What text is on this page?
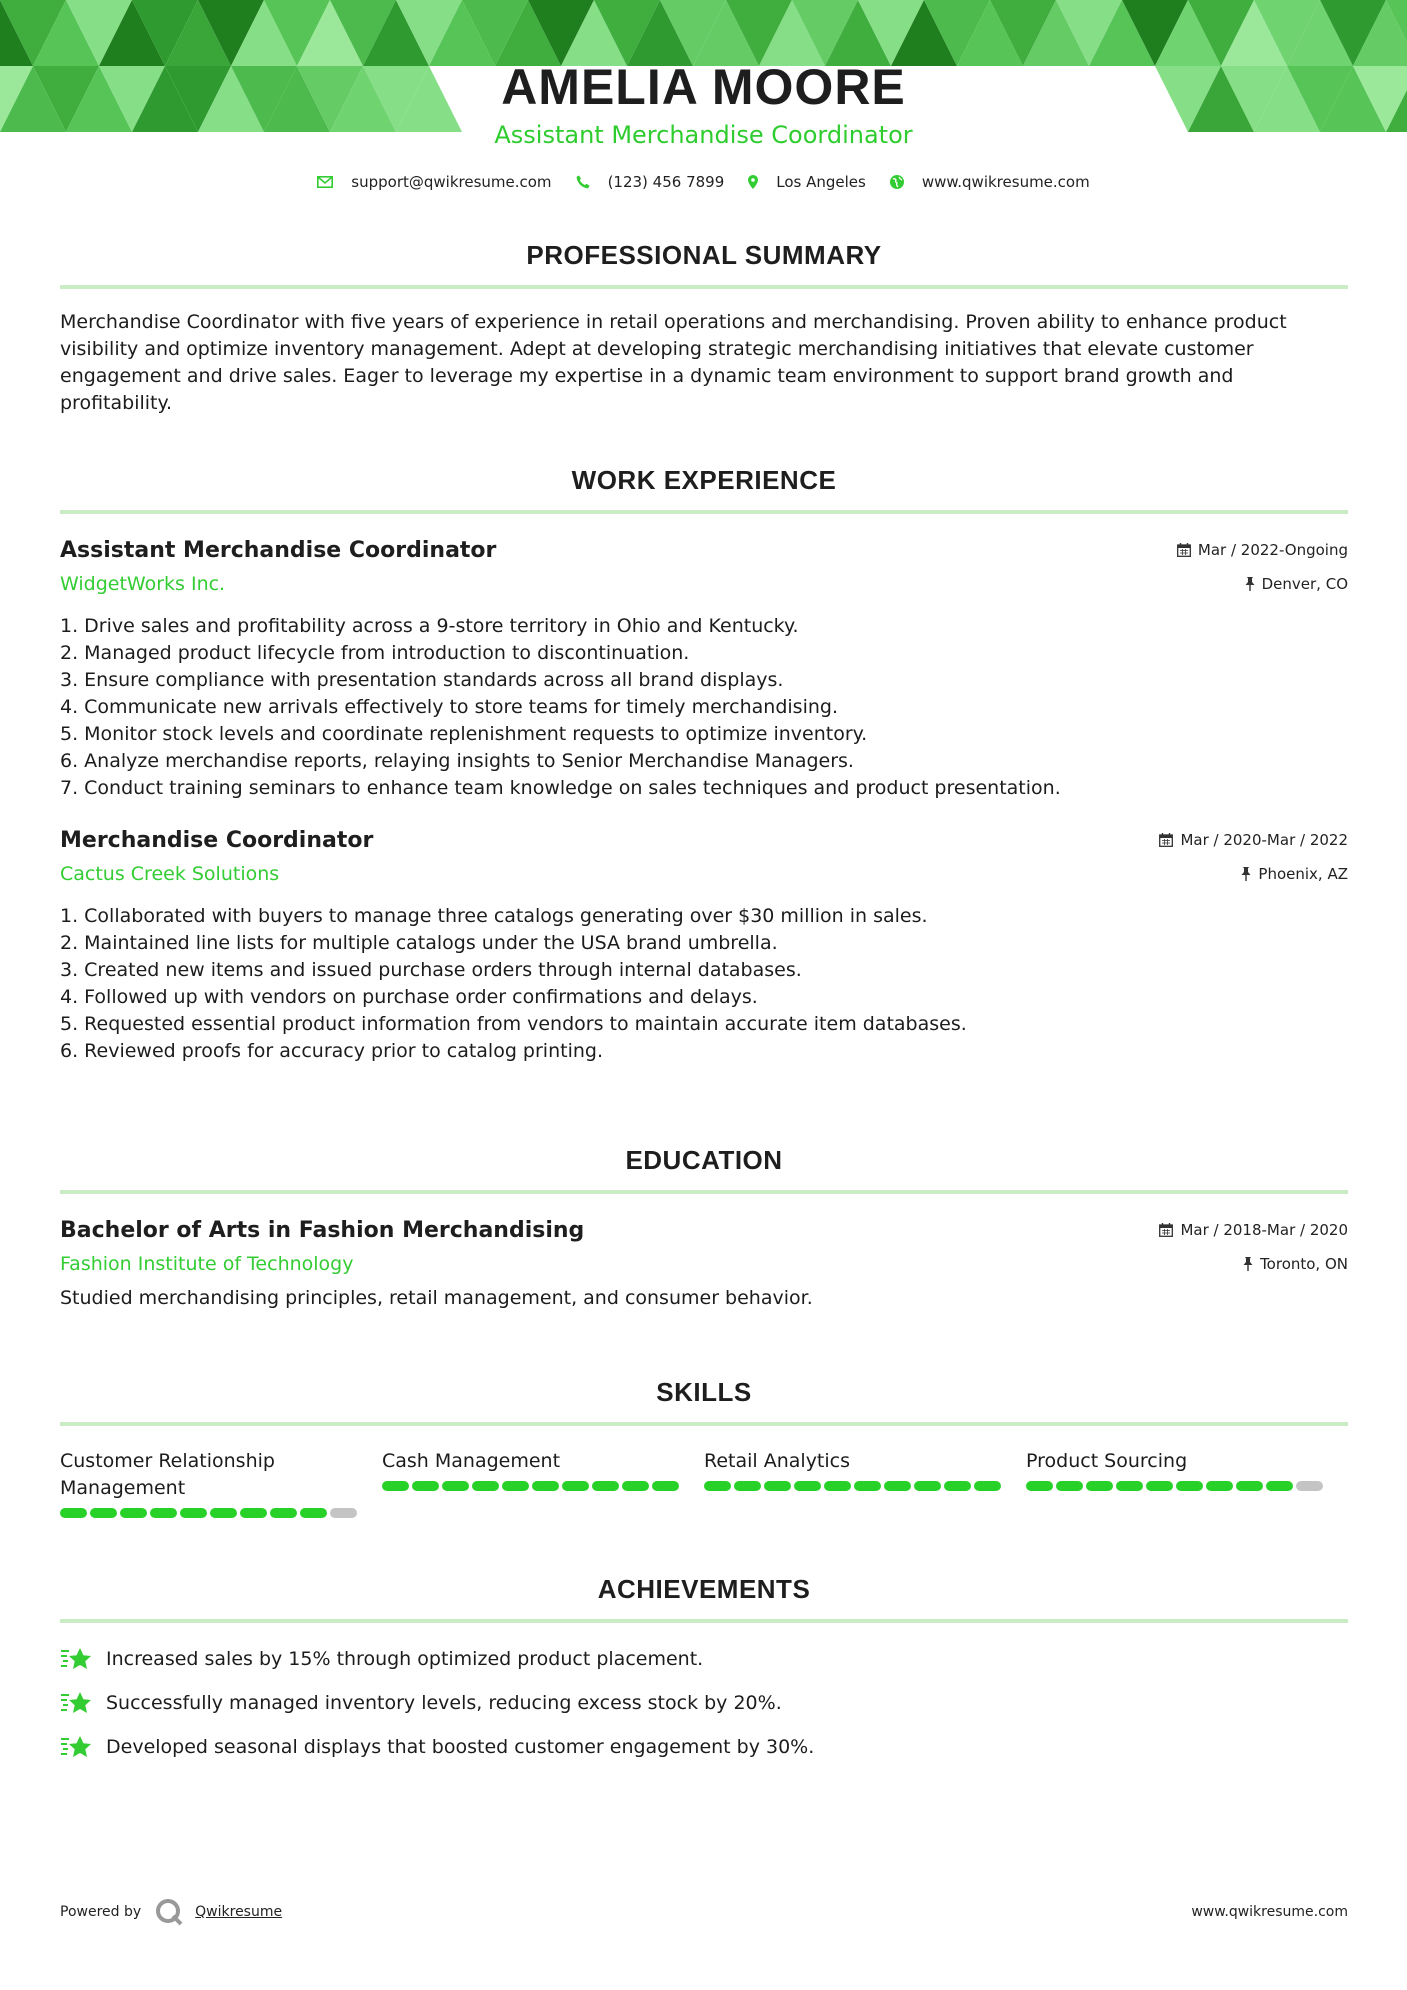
AMELIA MOORE
Assistant Merchandise Coordinator
support@qwikresume.com	(123) 456 7899	Los Angeles	www.qwikresume.com
PROFESSIONAL SUMMARY
Merchandise Coordinator with five years of experience in retail operations and merchandising. Proven ability to enhance product visibility and optimize inventory management. Adept at developing strategic merchandising initiatives that elevate customer engagement and drive sales. Eager to leverage my expertise in a dynamic team environment to support brand growth and profitability.
WORK EXPERIENCE
Assistant Merchandise Coordinator	Mar / 2022-Ongoing
WidgetWorks Inc.	Denver, CO
1. Drive sales and profitability across a 9-store territory in Ohio and Kentucky.
2. Managed product lifecycle from introduction to discontinuation.
3. Ensure compliance with presentation standards across all brand displays.
4. Communicate new arrivals effectively to store teams for timely merchandising.
5. Monitor stock levels and coordinate replenishment requests to optimize inventory.
6. Analyze merchandise reports, relaying insights to Senior Merchandise Managers.
7. Conduct training seminars to enhance team knowledge on sales techniques and product presentation.
Merchandise Coordinator	Mar / 2020-Mar / 2022
Cactus Creek Solutions	Phoenix, AZ
1. Collaborated with buyers to manage three catalogs generating over $30 million in sales.
2. Maintained line lists for multiple catalogs under the USA brand umbrella.
3. Created new items and issued purchase orders through internal databases.
4. Followed up with vendors on purchase order confirmations and delays.
5. Requested essential product information from vendors to maintain accurate item databases.
6. Reviewed proofs for accuracy prior to catalog printing.
EDUCATION
Bachelor of Arts in Fashion Merchandising	Mar / 2018-Mar / 2020
Fashion Institute of Technology	Toronto, ON
Studied merchandising principles, retail management, and consumer behavior.
SKILLS
Customer Relationship Management
Cash Management	Retail Analytics	Product Sourcing
ACHIEVEMENTS
Increased sales by 15% through optimized product placement.
Successfully managed inventory levels, reducing excess stock by 20%.
Developed seasonal displays that boosted customer engagement by 30%.
Powered by	Qwikresume	www.qwikresume.com
